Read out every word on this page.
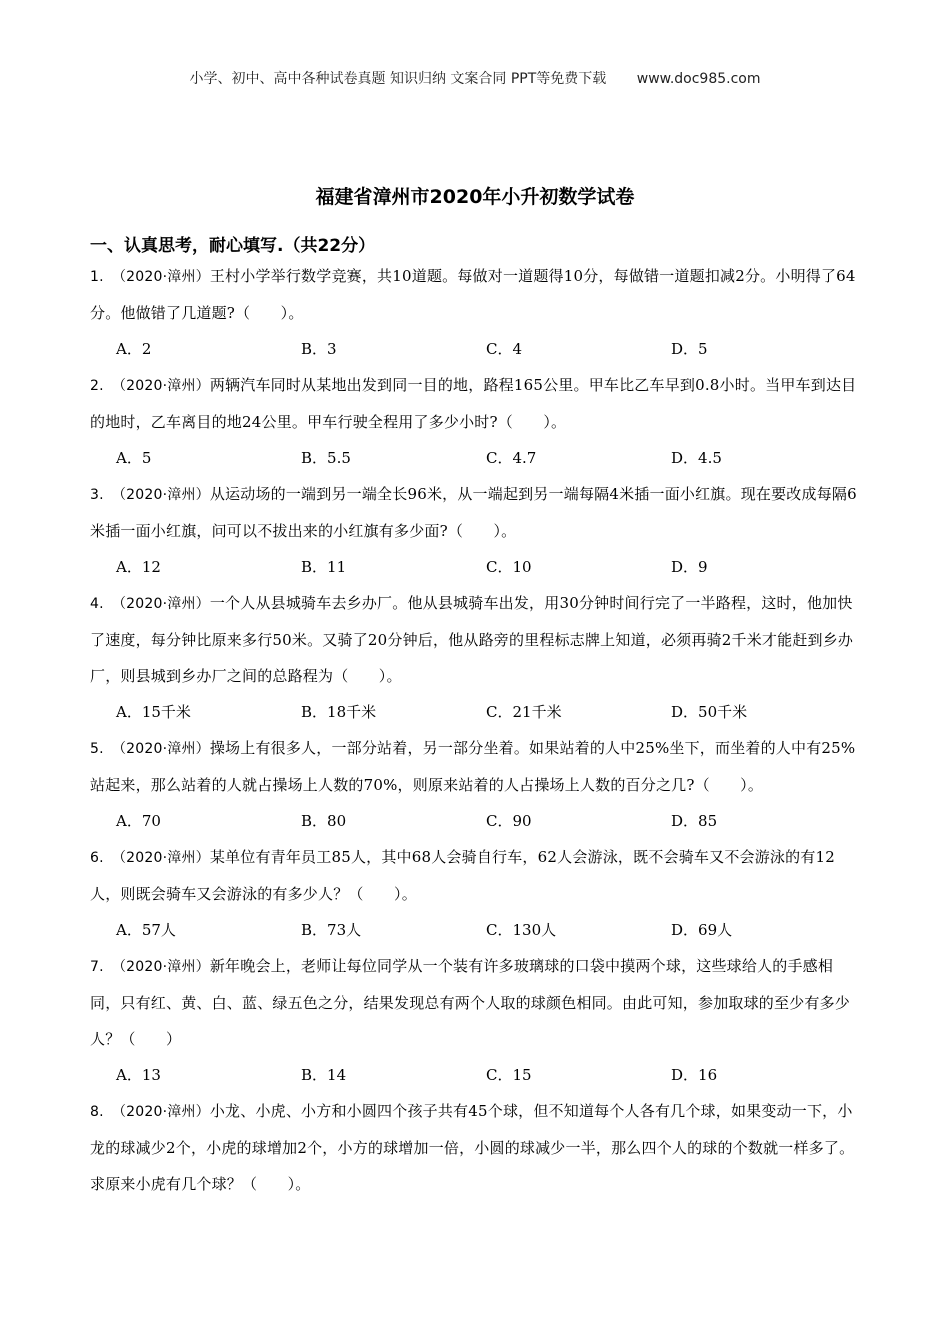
小学、初中、高中各种试卷真题 知识归纳 文案合同 PPT等免费下载 www.doc985.com
福建省漳州市2020年小升初数学试卷
一、认真思考，耐心填写.（共22分）

1.　 （2020·漳州）王村小学举行数学竞赛，共10道题。每做对一道题得10分，每做错一道题扣减2分。小明得了64分。他做错了几道题?（　　）。

A．2	B．3	C．4	D．5

2.　 （2020·漳州）两辆汽车同时从某地出发到同一目的地，路程165公里。甲车比乙车早到0.8小时。当甲车到达目的地时，乙车离目的地24公里。甲车行驶全程用了多少小时?（　　）。

A．5	B．5.5	C．4.7	D．4.5

3.　 （2020·漳州）从运动场的一端到另一端全长96米，从一端起到另一端每隔4米插一面小红旗。现在要改成每隔6米插一面小红旗，问可以不拔出来的小红旗有多少面?（　　）。

A．12	B．11	C．10	D．9

4.　 （2020·漳州）一个人从县城骑车去乡办厂。他从县城骑车出发，用30分钟时间行完了一半路程，这时，他加快了速度，每分钟比原来多行50米。又骑了20分钟后，他从路旁的里程标志牌上知道，必须再骑2千米才能赶到乡办厂，则县城到乡办厂之间的总路程为（　　）。

A．15千米	B．18千米	C．21千米	D．50千米

5.　 （2020·漳州）操场上有很多人，一部分站着，另一部分坐着。如果站着的人中25%坐下，而坐着的人中有25%站起来，那么站着的人就占操场上人数的70%，则原来站着的人占操场上人数的百分之几?（　　）。

A．70	B．80	C．90	D．85

6.　 （2020·漳州）某单位有青年员工85人，其中68人会骑自行车，62人会游泳，既不会骑车又不会游泳的有12人，则既会骑车又会游泳的有多少人？（　　）。

A．57人	B．73人	C．130人	D．69人

7.　 （2020·漳州）新年晚会上，老师让每位同学从一个装有许多玻璃球的口袋中摸两个球，这些球给人的手感相同，只有红、黄、白、蓝、绿五色之分，结果发现总有两个人取的球颜色相同。由此可知，参加取球的至少有多少人？（　　）

A．13	B．14	C．15	D．16

8.　 （2020·漳州）小龙、小虎、小方和小圆四个孩子共有45个球，但不知道每个人各有几个球，如果变动一下，小龙的球减少2个，小虎的球增加2个，小方的球增加一倍，小圆的球减少一半，那么四个人的球的个数就一样多了。求原来小虎有几个球？（　　）。
